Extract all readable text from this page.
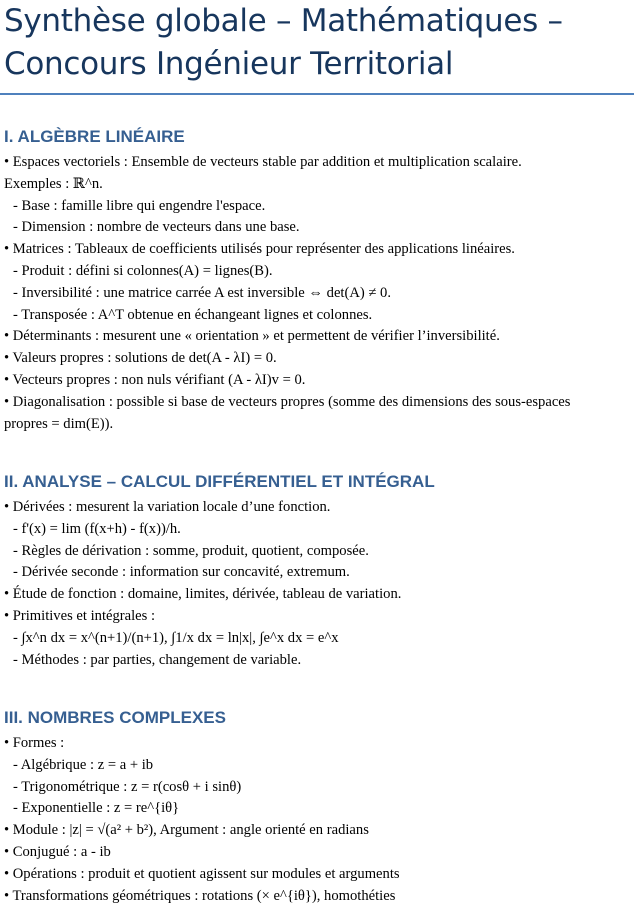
Synthèse globale – Mathématiques –
Concours Ingénieur Territorial
I. ALGÈBRE LINÉAIRE
• Espaces vectoriels : Ensemble de vecteurs stable par addition et multiplication scalaire.
Exemples : ℝ^n.
- Base : famille libre qui engendre l'espace.
- Dimension : nombre de vecteurs dans une base.
• Matrices : Tableaux de coefficients utilisés pour représenter des applications linéaires.
- Produit : défini si colonnes(A) = lignes(B).
- Inversibilité : une matrice carrée A est inversible ⇔ det(A) ≠ 0.
- Transposée : A^T obtenue en échangeant lignes et colonnes.
• Déterminants : mesurent une « orientation » et permettent de vérifier l’inversibilité.
• Valeurs propres : solutions de det(A - λI) = 0.
• Vecteurs propres : non nuls vérifiant (A - λI)v = 0.
• Diagonalisation : possible si base de vecteurs propres (somme des dimensions des sous-espaces propres = dim(E)).
II. ANALYSE – CALCUL DIFFÉRENTIEL ET INTÉGRAL
• Dérivées : mesurent la variation locale d’une fonction.
- f'(x) = lim (f(x+h) - f(x))/h.
- Règles de dérivation : somme, produit, quotient, composée.
- Dérivée seconde : information sur concavité, extremum.
• Étude de fonction : domaine, limites, dérivée, tableau de variation.
• Primitives et intégrales :
- ∫x^n dx = x^(n+1)/(n+1), ∫1/x dx = ln|x|, ∫e^x dx = e^x
- Méthodes : par parties, changement de variable.
III. NOMBRES COMPLEXES
• Formes :
- Algébrique : z = a + ib
- Trigonométrique : z = r(cosθ + i sinθ)
- Exponentielle : z = re^{iθ}
• Module : |z| = √(a² + b²), Argument : angle orienté en radians
• Conjugué : a - ib
• Opérations : produit et quotient agissent sur modules et arguments
• Transformations géométriques : rotations (× e^{iθ}), homothéties
